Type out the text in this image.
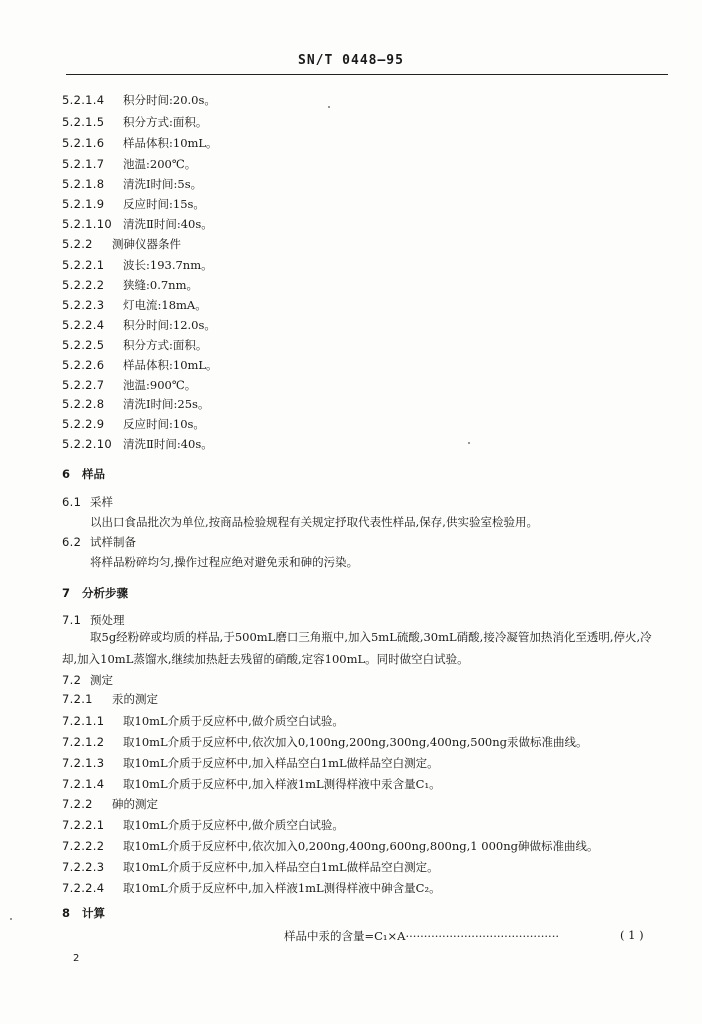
SN/T 0448—95
5.2.1.4 积分时间:20.0s。
5.2.1.5 积分方式:面积。
5.2.1.6 样品体积:10mL。
5.2.1.7 池温:200℃。
5.2.1.8 清洗Ⅰ时间:5s。
5.2.1.9 反应时间:15s。
5.2.1.10 清洗Ⅱ时间:40s。
5.2.2 测砷仪器条件
5.2.2.1 波长:193.7nm。
5.2.2.2 狭缝:0.7nm。
5.2.2.3 灯电流:18mA。
5.2.2.4 积分时间:12.0s。
5.2.2.5 积分方式:面积。
5.2.2.6 样品体积:10mL。
5.2.2.7 池温:900℃。
5.2.2.8 清洗Ⅰ时间:25s。
5.2.2.9 反应时间:10s。
5.2.2.10 清洗Ⅱ时间:40s。
6 样品
6.1 采样
以出口食品批次为单位,按商品检验规程有关规定抒取代表性样品,保存,供实验室检验用。
6.2 试样制备
将样品粉碎均匀,操作过程应绝对避免汞和砷的污染。
7 分析步骤
7.1 预处理
取5g经粉碎或均质的样品,于500mL磨口三角瓶中,加入5mL硫酸,30mL硝酸,接冷凝管加热消化至透明,停火,冷却,加入10mL蒸馏水,继续加热赶去残留的硝酸,定容100mL。同时做空白试验。
7.2 测定
7.2.1 汞的测定
7.2.1.1 取10mL介质于反应杯中,做介质空白试验。
7.2.1.2 取10mL介质于反应杯中,依次加入0,100ng,200ng,300ng,400ng,500ng汞做标准曲线。
7.2.1.3 取10mL介质于反应杯中,加入样品空白1mL做样品空白测定。
7.2.1.4 取10mL介质于反应杯中,加入样液1mL测得样液中汞含量C₁。
7.2.2 砷的测定
7.2.2.1 取10mL介质于反应杯中,做介质空白试验。
7.2.2.2 取10mL介质于反应杯中,依次加入0,200ng,400ng,600ng,800ng,1 000ng砷做标准曲线。
7.2.2.3 取10mL介质于反应杯中,加入样品空白1mL做样品空白测定。
7.2.2.4 取10mL介质于反应杯中,加入样液1mL测得样液中砷含量C₂。
8 计算
样品中汞的含量=C₁×A··········································	( 1 )
2
